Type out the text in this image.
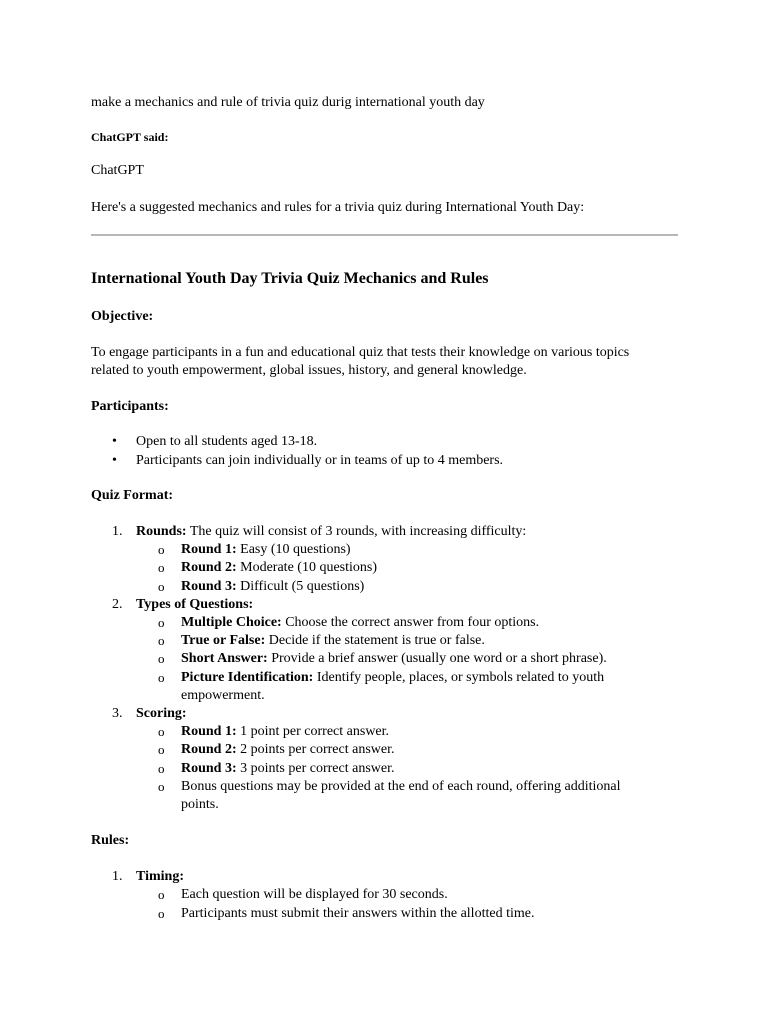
make a mechanics and rule of trivia quiz durig international youth day
ChatGPT said:
ChatGPT
Here's a suggested mechanics and rules for a trivia quiz during International Youth Day:
International Youth Day Trivia Quiz Mechanics and Rules
Objective:
To engage participants in a fun and educational quiz that tests their knowledge on various topics
related to youth empowerment, global issues, history, and general knowledge.
Participants:
• Open to all students aged 13-18.
• Participants can join individually or in teams of up to 4 members.
Quiz Format:
1. Rounds: The quiz will consist of 3 rounds, with increasing difficulty:
o Round 1: Easy (10 questions)
o Round 2: Moderate (10 questions)
o Round 3: Difficult (5 questions)
2. Types of Questions:
o Multiple Choice: Choose the correct answer from four options.
o True or False: Decide if the statement is true or false.
o Short Answer: Provide a brief answer (usually one word or a short phrase).
o Picture Identification: Identify people, places, or symbols related to youth
empowerment.
3. Scoring:
o Round 1: 1 point per correct answer.
o Round 2: 2 points per correct answer.
o Round 3: 3 points per correct answer.
o Bonus questions may be provided at the end of each round, offering additional
points.
Rules:
1. Timing:
o Each question will be displayed for 30 seconds.
o Participants must submit their answers within the allotted time.
